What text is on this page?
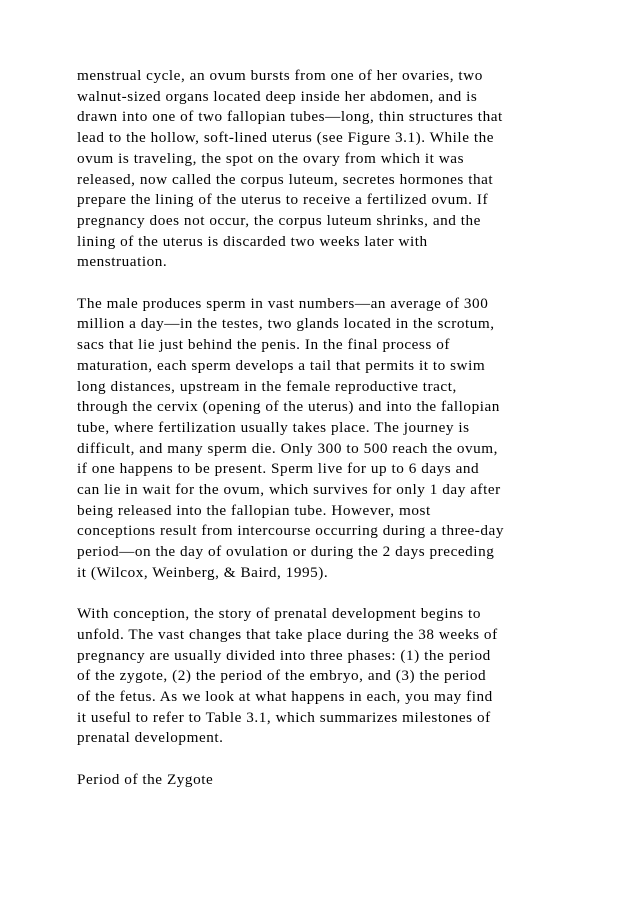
menstrual cycle, an ovum bursts from one of her ovaries, two
walnut-sized organs located deep inside her abdomen, and is
drawn into one of two fallopian tubes—long, thin structures that
lead to the hollow, soft-lined uterus (see Figure 3.1). While the
ovum is traveling, the spot on the ovary from which it was
released, now called the corpus luteum, secretes hormones that
prepare the lining of the uterus to receive a fertilized ovum. If
pregnancy does not occur, the corpus luteum shrinks, and the
lining of the uterus is discarded two weeks later with
menstruation.

The male produces sperm in vast numbers—an average of 300
million a day—in the testes, two glands located in the scrotum,
sacs that lie just behind the penis. In the final process of
maturation, each sperm develops a tail that permits it to swim
long distances, upstream in the female reproductive tract,
through the cervix (opening of the uterus) and into the fallopian
tube, where fertilization usually takes place. The journey is
difficult, and many sperm die. Only 300 to 500 reach the ovum,
if one happens to be present. Sperm live for up to 6 days and
can lie in wait for the ovum, which survives for only 1 day after
being released into the fallopian tube. However, most
conceptions result from intercourse occurring during a three-day
period—on the day of ovulation or during the 2 days preceding
it (Wilcox, Weinberg, & Baird, 1995).

With conception, the story of prenatal development begins to
unfold. The vast changes that take place during the 38 weeks of
pregnancy are usually divided into three phases: (1) the period
of the zygote, (2) the period of the embryo, and (3) the period
of the fetus. As we look at what happens in each, you may find
it useful to refer to Table 3.1, which summarizes milestones of
prenatal development.

Period of the Zygote
